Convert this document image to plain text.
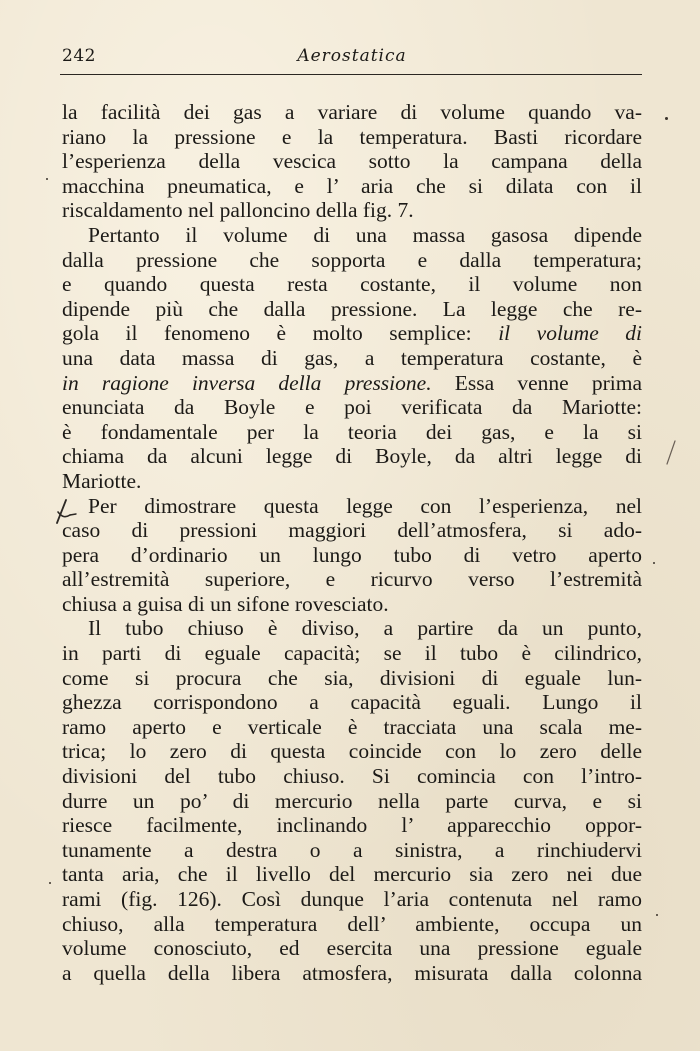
242	Aerostatica
la facilità dei gas a variare di volume quando va-
riano la pressione e la temperatura. Basti ricordare
l’esperienza della vescica sotto la campana della
macchina pneumatica, e l’ aria che si dilata con il
riscaldamento nel palloncino della fig. 7.
Pertanto il volume di una massa gasosa dipende
dalla pressione che sopporta e dalla temperatura;
e quando questa resta costante, il volume non
dipende più che dalla pressione. La legge che re-
gola il fenomeno è molto semplice: il volume di
una data massa di gas, a temperatura costante, è
in ragione inversa della pressione. Essa venne prima
enunciata da Boyle e poi verificata da Mariotte:
è fondamentale per la teoria dei gas, e la si
chiama da alcuni legge di Boyle, da altri legge di
Mariotte.
Per dimostrare questa legge con l’esperienza, nel
caso di pressioni maggiori dell’atmosfera, si ado-
pera d’ordinario un lungo tubo di vetro aperto
all’estremità superiore, e ricurvo verso l’estremità
chiusa a guisa di un sifone rovesciato.
Il tubo chiuso è diviso, a partire da un punto,
in parti di eguale capacità; se il tubo è cilindrico,
come si procura che sia, divisioni di eguale lun-
ghezza corrispondono a capacità eguali. Lungo il
ramo aperto e verticale è tracciata una scala me-
trica; lo zero di questa coincide con lo zero delle
divisioni del tubo chiuso. Si comincia con l’intro-
durre un po’ di mercurio nella parte curva, e si
riesce facilmente, inclinando l’ apparecchio oppor-
tunamente a destra o a sinistra, a rinchiudervi
tanta aria, che il livello del mercurio sia zero nei due
rami (fig. 126). Così dunque l’aria contenuta nel ramo
chiuso, alla temperatura dell’ ambiente, occupa un
volume conosciuto, ed esercita una pressione eguale
a quella della libera atmosfera, misurata dalla colonna
